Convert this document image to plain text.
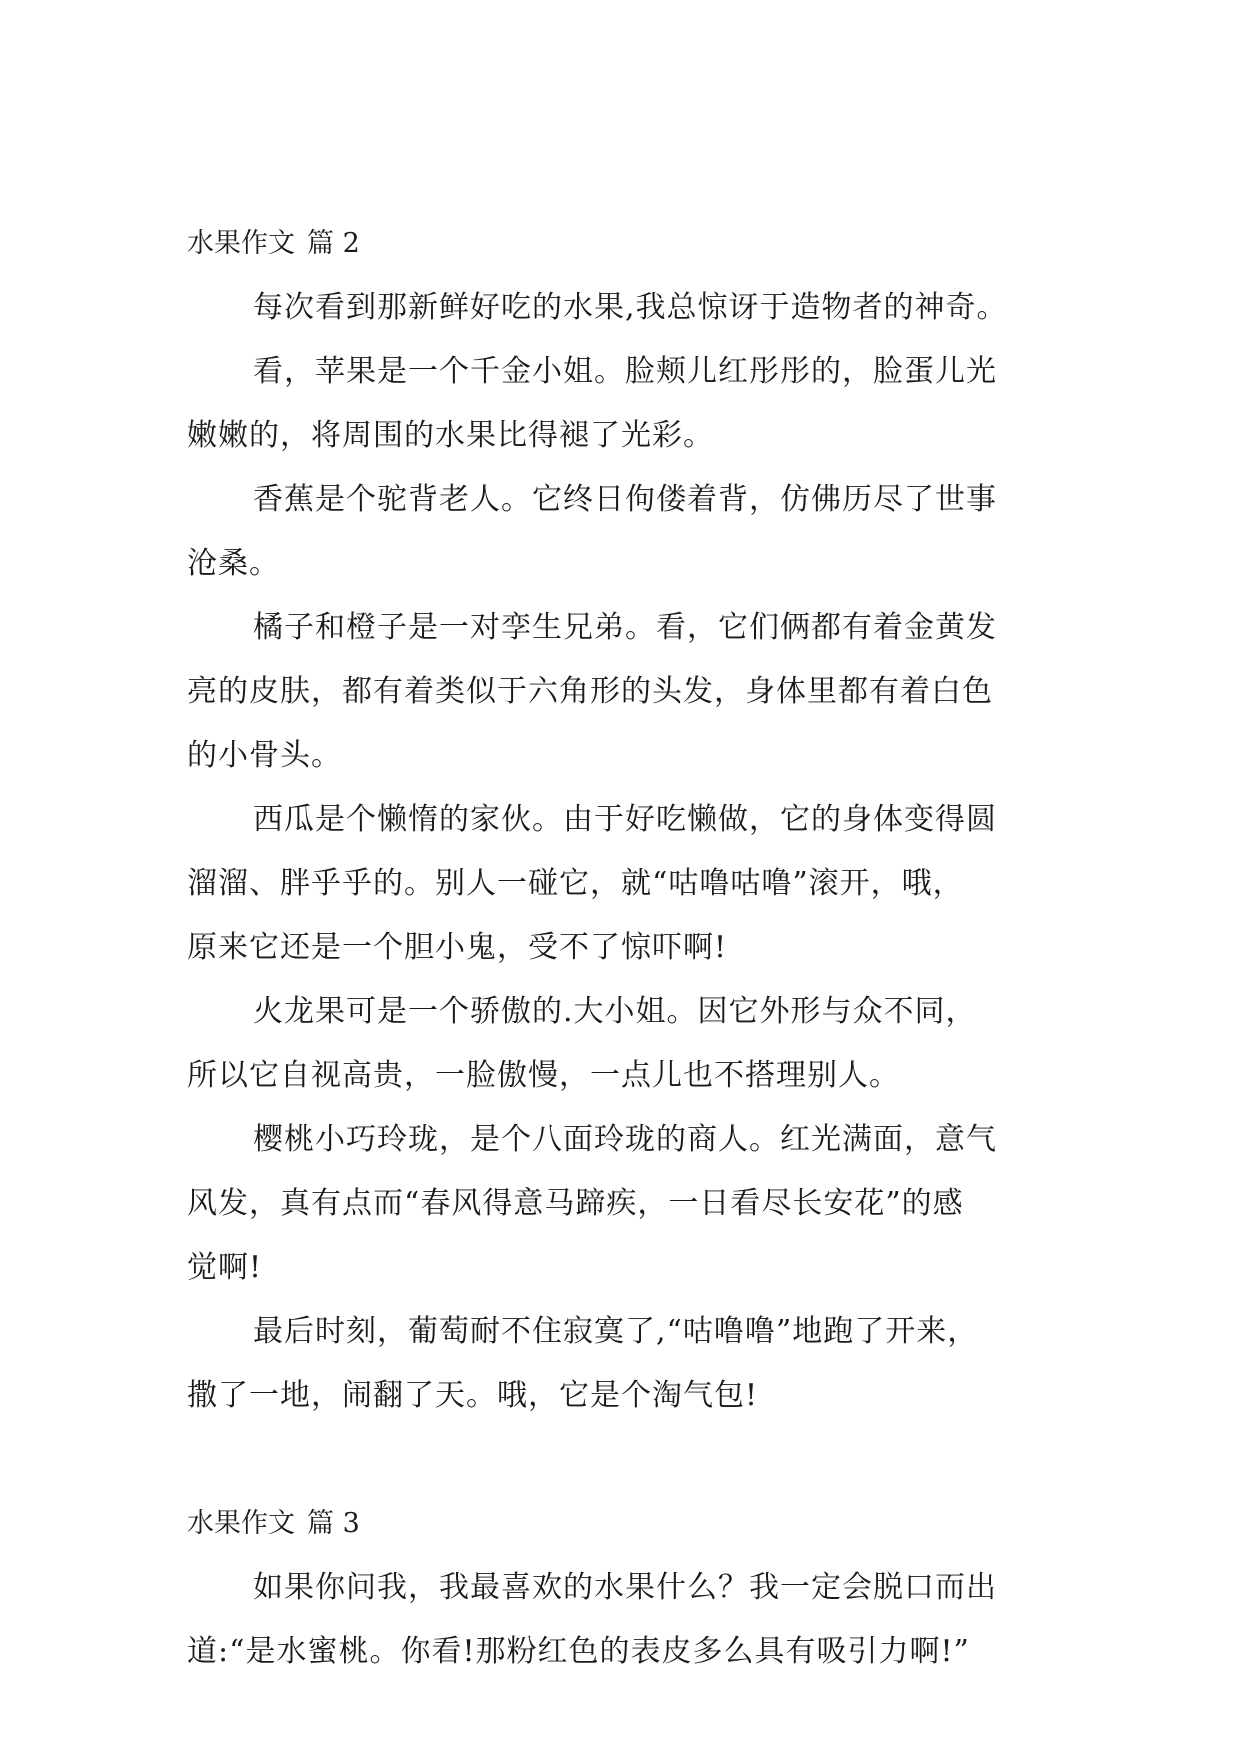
水果作文 篇 2

每次看到那新鲜好吃的水果,我总惊讶于造物者的神奇。

看，苹果是一个千金小姐。脸颊儿红彤彤的，脸蛋儿光
嫩嫩的，将周围的水果比得褪了光彩。

香蕉是个驼背老人。它终日佝偻着背，仿佛历尽了世事
沧桑。

橘子和橙子是一对孪生兄弟。看，它们俩都有着金黄发
亮的皮肤，都有着类似于六角形的头发，身体里都有着白色
的小骨头。

西瓜是个懒惰的家伙。由于好吃懒做，它的身体变得圆
溜溜、胖乎乎的。别人一碰它，就“咕噜咕噜”滚开，哦，
原来它还是一个胆小鬼，受不了惊吓啊!

火龙果可是一个骄傲的.大小姐。因它外形与众不同，
所以它自视高贵，一脸傲慢，一点儿也不搭理别人。

樱桃小巧玲珑，是个八面玲珑的商人。红光满面，意气
风发，真有点而“春风得意马蹄疾，一日看尽长安花”的感
觉啊!

最后时刻，葡萄耐不住寂寞了,“咕噜噜”地跑了开来，
撒了一地，闹翻了天。哦，它是个淘气包!

水果作文 篇 3

如果你问我，我最喜欢的水果什么？我一定会脱口而出
道:“是水蜜桃。你看!那粉红色的表皮多么具有吸引力啊!”
